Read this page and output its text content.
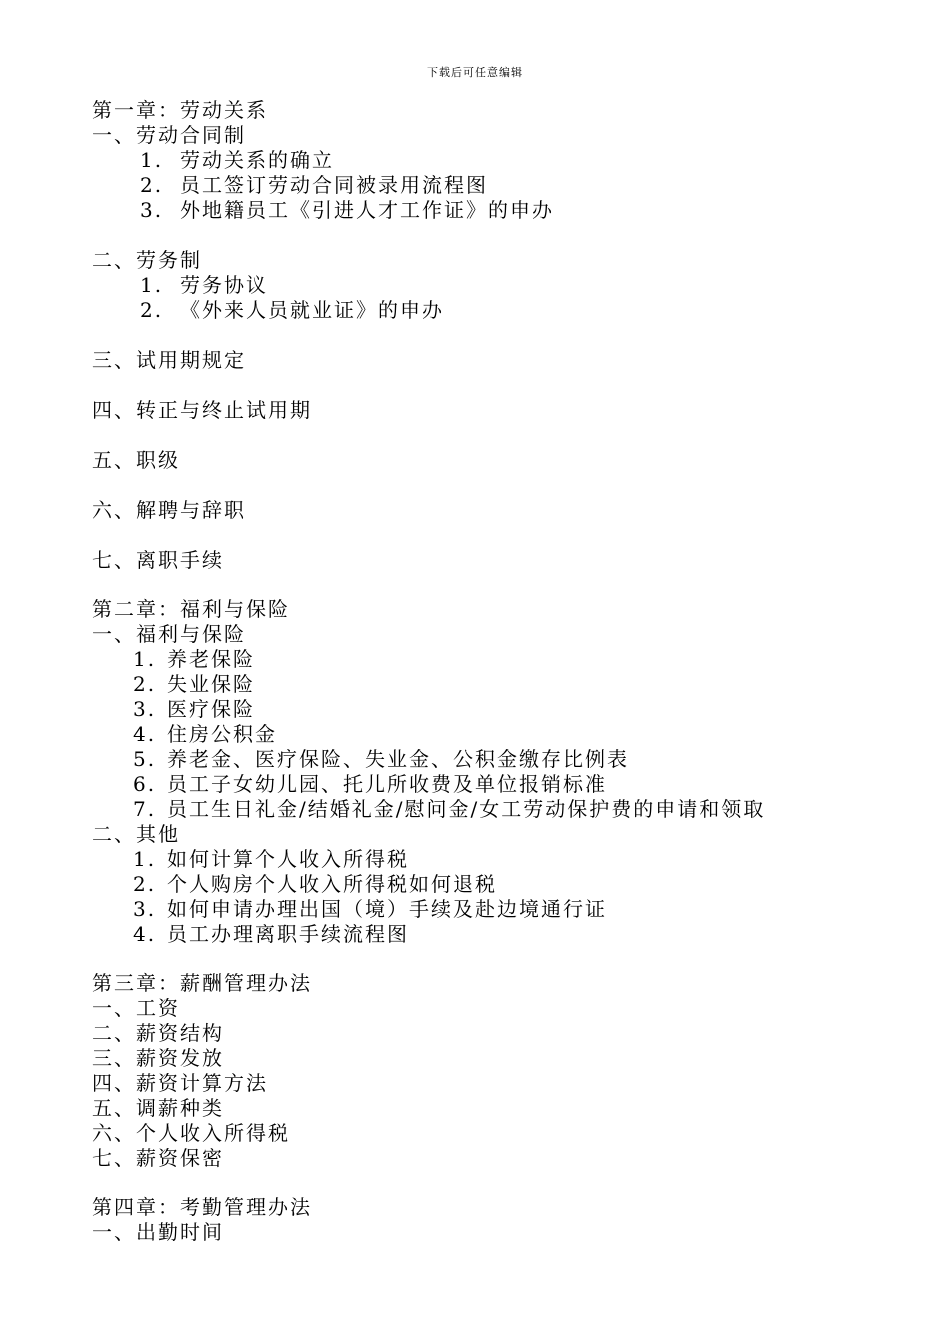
下载后可任意编辑
第一章：劳动关系
一、劳动合同制
1. 劳动关系的确立
2. 员工签订劳动合同被录用流程图
3. 外地籍员工《引进人才工作证》的申办
二、劳务制
1. 劳务协议
2. 《外来人员就业证》的申办
三、试用期规定
四、转正与终止试用期
五、职级
六、解聘与辞职
七、离职手续
第二章：福利与保险
一、福利与保险
1. 养老保险
2. 失业保险
3. 医疗保险
4. 住房公积金
5. 养老金、医疗保险、失业金、公积金缴存比例表
6. 员工子女幼儿园、托儿所收费及单位报销标准
7. 员工生日礼金/结婚礼金/慰问金/女工劳动保护费的申请和领取
二、其他
1. 如何计算个人收入所得税
2. 个人购房个人收入所得税如何退税
3. 如何申请办理出国（境）手续及赴边境通行证
4. 员工办理离职手续流程图
第三章：薪酬管理办法
一、工资
二、薪资结构
三、薪资发放
四、薪资计算方法
五、调薪种类
六、个人收入所得税
七、薪资保密
第四章：考勤管理办法
一、出勤时间
